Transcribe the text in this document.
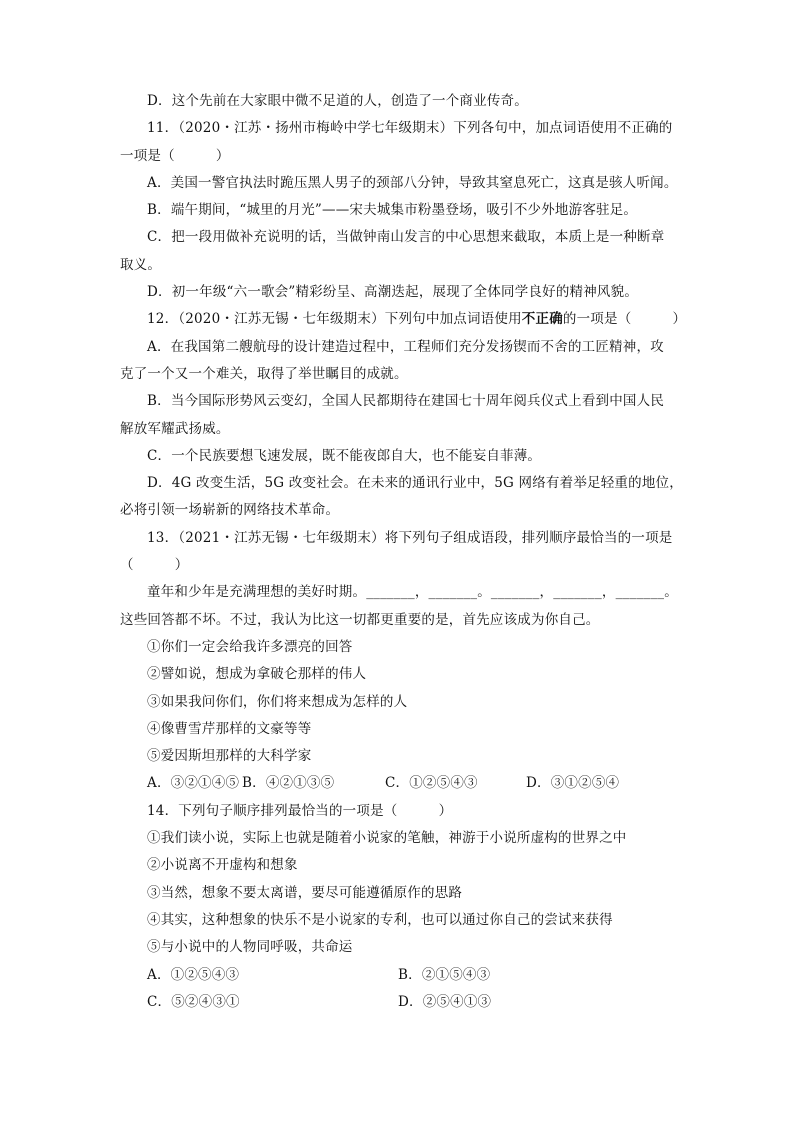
D．这个先前在大家眼中微不足道的人，创造了一个商业传奇。
11．（2020・江苏・扬州市梅岭中学七年级期末）下列各句中，加点词语使用不正确的
一项是（　　　）
A．美国一警官执法时跪压黑人男子的颈部八分钟，导致其窒息死亡，这真是骇人听闻。
B．端午期间，“城里的月光”——宋夫城集市粉墨登场，吸引不少外地游客驻足。
C．把一段用做补充说明的话，当做钟南山发言的中心思想来截取，本质上是一种断章
取义。
D．初一年级“六一歌会”精彩纷呈、高潮迭起，展现了全体同学良好的精神风貌。
12．（2020・江苏无锡・七年级期末）下列句中加点词语使用不正确的一项是（　　　）
A．在我国第二艘航母的设计建造过程中，工程师们充分发扬锲而不舍的工匠精神，攻
克了一个又一个难关，取得了举世瞩目的成就。
B．当今国际形势风云变幻，全国人民都期待在建国七十周年阅兵仪式上看到中国人民
解放军耀武扬威。
C．一个民族要想飞速发展，既不能夜郎自大，也不能妄自菲薄。
D．4G 改变生活，5G 改变社会。在未来的通讯行业中，5G 网络有着举足轻重的地位，
必将引领一场崭新的网络技术革命。
13．（2021・江苏无锡・七年级期末）将下列句子组成语段，排列顺序最恰当的一项是
（　　　）
童年和少年是充满理想的美好时期。_______，_______。_______，_______，_______。
这些回答都不坏。不过，我认为比这一切都更重要的是，首先应该成为你自己。
①你们一定会给我许多漂亮的回答
②譬如说，想成为拿破仑那样的伟人
③如果我问你们，你们将来想成为怎样的人
④像曹雪芹那样的文豪等等
⑤爱因斯坦那样的大科学家
A．③②①④⑤ B．④②①③⑤	C．①②⑤④③	D．③①②⑤④
14．下列句子顺序排列最恰当的一项是（　　　）
①我们读小说，实际上也就是随着小说家的笔触，神游于小说所虚构的世界之中
②小说离不开虚构和想象
③当然，想象不要太离谱，要尽可能遵循原作的思路
④其实，这种想象的快乐不是小说家的专利，也可以通过你自己的尝试来获得
⑤与小说中的人物同呼吸，共命运
A．①②⑤④③	B．②①⑤④③
C．⑤②④③①	D．②⑤④①③
